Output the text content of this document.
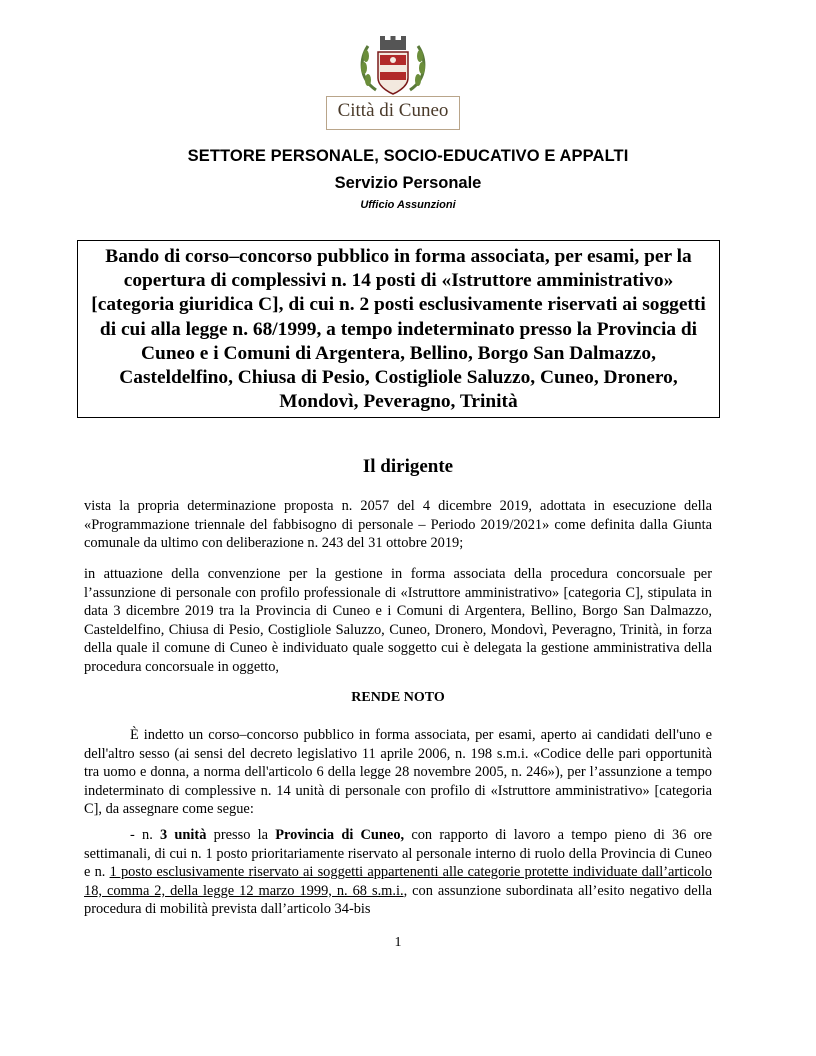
Città di Cuneo
SETTORE PERSONALE, SOCIO-EDUCATIVO E APPALTI
Servizio Personale
Ufficio Assunzioni

Bando di corso–concorso pubblico in forma associata, per esami, per la copertura di complessivi n. 14 posti di «Istruttore amministrativo» [categoria giuridica C], di cui n. 2 posti esclusivamente riservati ai soggetti di cui alla legge n. 68/1999, a tempo indeterminato presso la Provincia di Cuneo e i Comuni di Argentera, Bellino, Borgo San Dalmazzo, Casteldelfino, Chiusa di Pesio, Costigliole Saluzzo, Cuneo, Dronero, Mondovì, Peveragno, Trinità

Il dirigente

vista la propria determinazione proposta n. 2057 del 4 dicembre 2019, adottata in esecuzione della «Programmazione triennale del fabbisogno di personale – Periodo 2019/2021» come definita dalla Giunta comunale da ultimo con deliberazione n. 243 del 31 ottobre 2019;

in attuazione della convenzione per la gestione in forma associata della procedura concorsuale per l’assunzione di personale con profilo professionale di «Istruttore amministrativo» [categoria C], stipulata in data 3 dicembre 2019 tra la Provincia di Cuneo e i Comuni di Argentera, Bellino, Borgo San Dalmazzo, Casteldelfino, Chiusa di Pesio, Costigliole Saluzzo, Cuneo, Dronero, Mondovì, Peveragno, Trinità, in forza della quale il comune di Cuneo è individuato quale soggetto cui è delegata la gestione amministrativa della procedura concorsuale in oggetto,

RENDE NOTO

È indetto un corso–concorso pubblico in forma associata, per esami, aperto ai candidati dell'uno e dell'altro sesso (ai sensi del decreto legislativo 11 aprile 2006, n. 198 s.m.i. «Codice delle pari opportunità tra uomo e donna, a norma dell'articolo 6 della legge 28 novembre 2005, n. 246»), per l’assunzione a tempo indeterminato di complessive n. 14 unità di personale con profilo di «Istruttore amministrativo» [categoria C], da assegnare come segue:

- n. 3 unità presso la Provincia di Cuneo, con rapporto di lavoro a tempo pieno di 36 ore settimanali, di cui n. 1 posto prioritariamente riservato al personale interno di ruolo della Provincia di Cuneo e n. 1 posto esclusivamente riservato ai soggetti appartenenti alle categorie protette individuate dall’articolo 18, comma 2, della legge 12 marzo 1999, n. 68 s.m.i., con assunzione subordinata all’esito negativo della procedura di mobilità prevista dall’articolo 34-bis

1
